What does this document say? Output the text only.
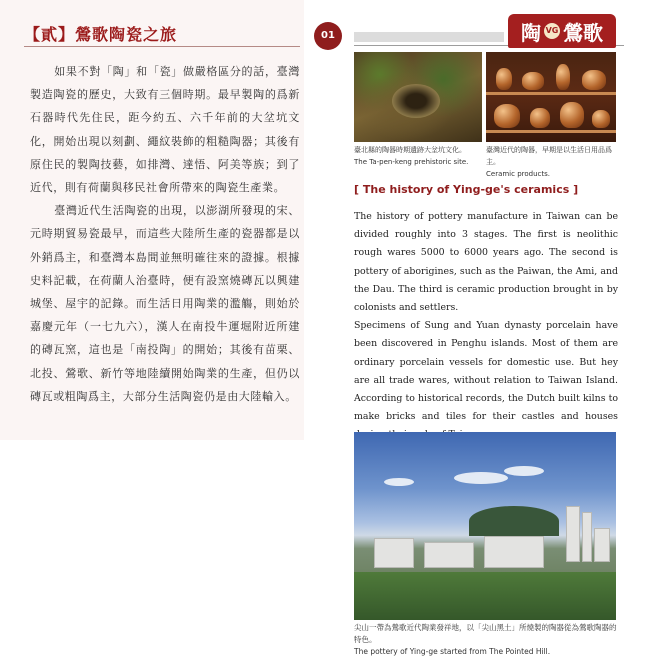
【貳】鶯歌陶瓷之旅

如果不對「陶」和「瓷」做嚴格區分的話，臺灣製造陶瓷的歷史，大致有三個時期。最早製陶的爲新石器時代先住民，距今約五、六千年前的大坌坑文化，開始出現以刻劃、繩紋裝飾的粗糙陶器；其後有原住民的製陶技藝，如排灣、達悟、阿美等族；到了近代，則有荷蘭與移民社會所帶來的陶瓷生產業。

臺灣近代生活陶瓷的出現，以澎湖所發現的宋、元時期貿易瓷最早，而這些大陸所生產的瓷器都是以外銷爲主，和臺灣本島間並無明確往來的證據。根據史料記載，在荷蘭人治臺時，便有設窯燒磚瓦以興建城堡、屋宇的記錄。而生活日用陶業的濫觴，則始於嘉慶元年（一七九六），漢人在南投牛運堀附近所建的磚瓦窯，這也是「南投陶」的開始；其後有苗栗、北投、鶯歌、新竹等地陸續開始陶業的生產，但仍以磚瓦或粗陶爲主，大部分生活陶瓷仍是由大陸輸入。

01	陶 VG 鶯歌
臺北縣的陶器時期遺跡大坌坑文化。
The Ta-pen-keng prehistoric site.
臺灣近代的陶器，早期是以生活日用品爲主。
Ceramic products.
[ The history of Ying-ge's ceramics ]

The history of pottery manufacture in Taiwan can be divided roughly into 3 stages. The first is neolithic rough wares 5000 to 6000 years ago. The second is pottery of aborigines, such as the Paiwan, the Ami, and the Dau. The third is ceramic production brought in by colonists and settlers.

Specimens of Sung and Yuan dynasty porcelain have been discovered in Penghu islands. Most of them are ordinary porcelain vessels for domestic use. But hey are all trade wares, without relation to Taiwan Island. According to historical records, the Dutch built kilns to make bricks and tiles for their castles and houses

尖山一帶為鶯歌近代陶業發祥地，以「尖山黑土」所燒製的陶器從為鶯歌陶器的特色。
The pottery of Ying-ge started from The Pointed Hill.
